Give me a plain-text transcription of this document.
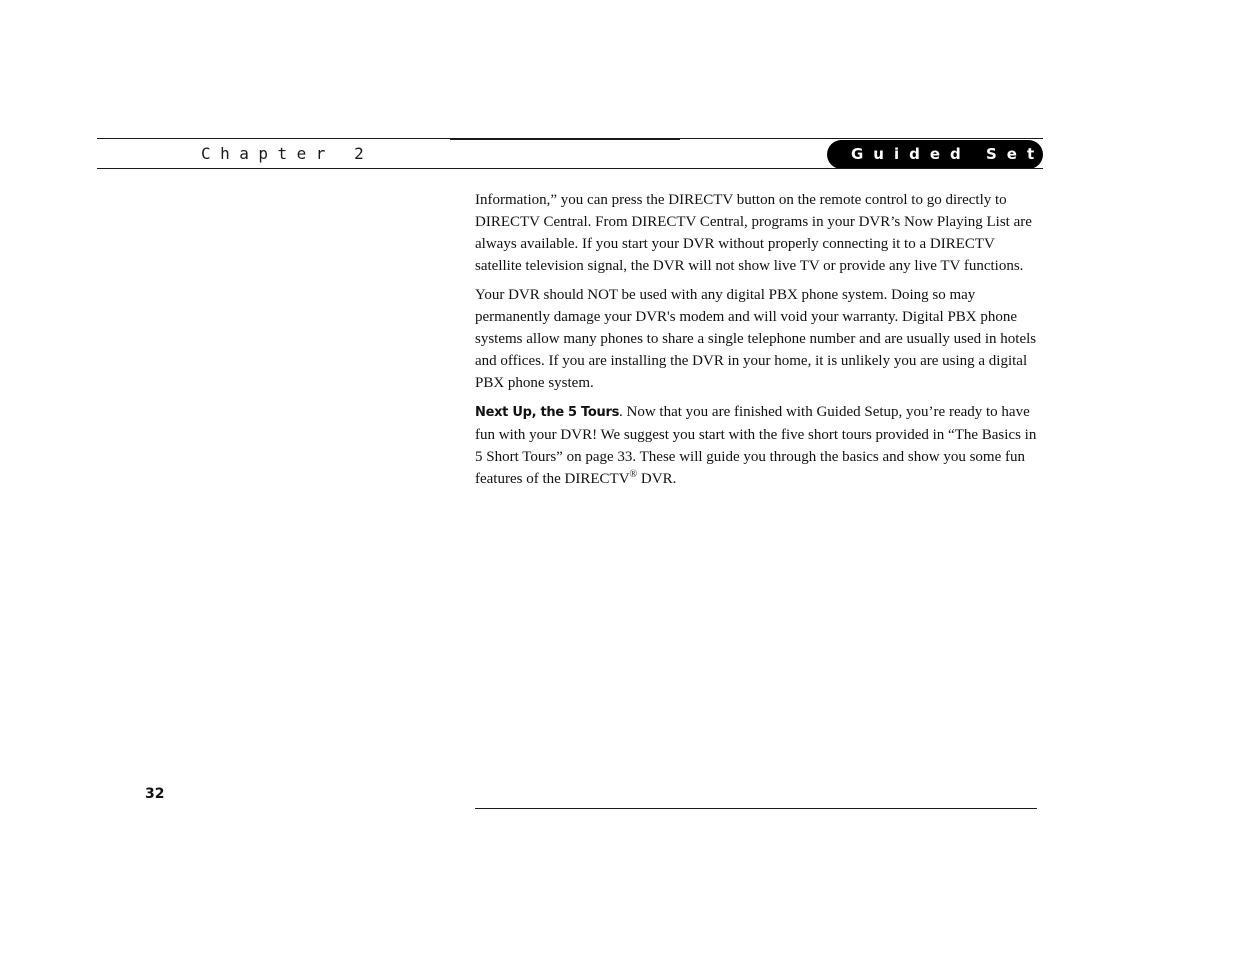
Chapter 2	Guided Setup

Information,” you can press the DIRECTV button on the remote control to go directly to DIRECTV Central. From DIRECTV Central, programs in your DVR’s Now Playing List are always available. If you start your DVR without properly connecting it to a DIRECTV satellite television signal, the DVR will not show live TV or provide any live TV functions.

Your DVR should NOT be used with any digital PBX phone system. Doing so may permanently damage your DVR's modem and will void your warranty. Digital PBX phone systems allow many phones to share a single telephone number and are usually used in hotels and offices. If you are installing the DVR in your home, it is unlikely you are using a digital PBX phone system.

Next Up, the 5 Tours. Now that you are finished with Guided Setup, you’re ready to have fun with your DVR! We suggest you start with the five short tours provided in “The Basics in 5 Short Tours” on page 33. These will guide you through the basics and show you some fun features of the DIRECTV® DVR.

32
